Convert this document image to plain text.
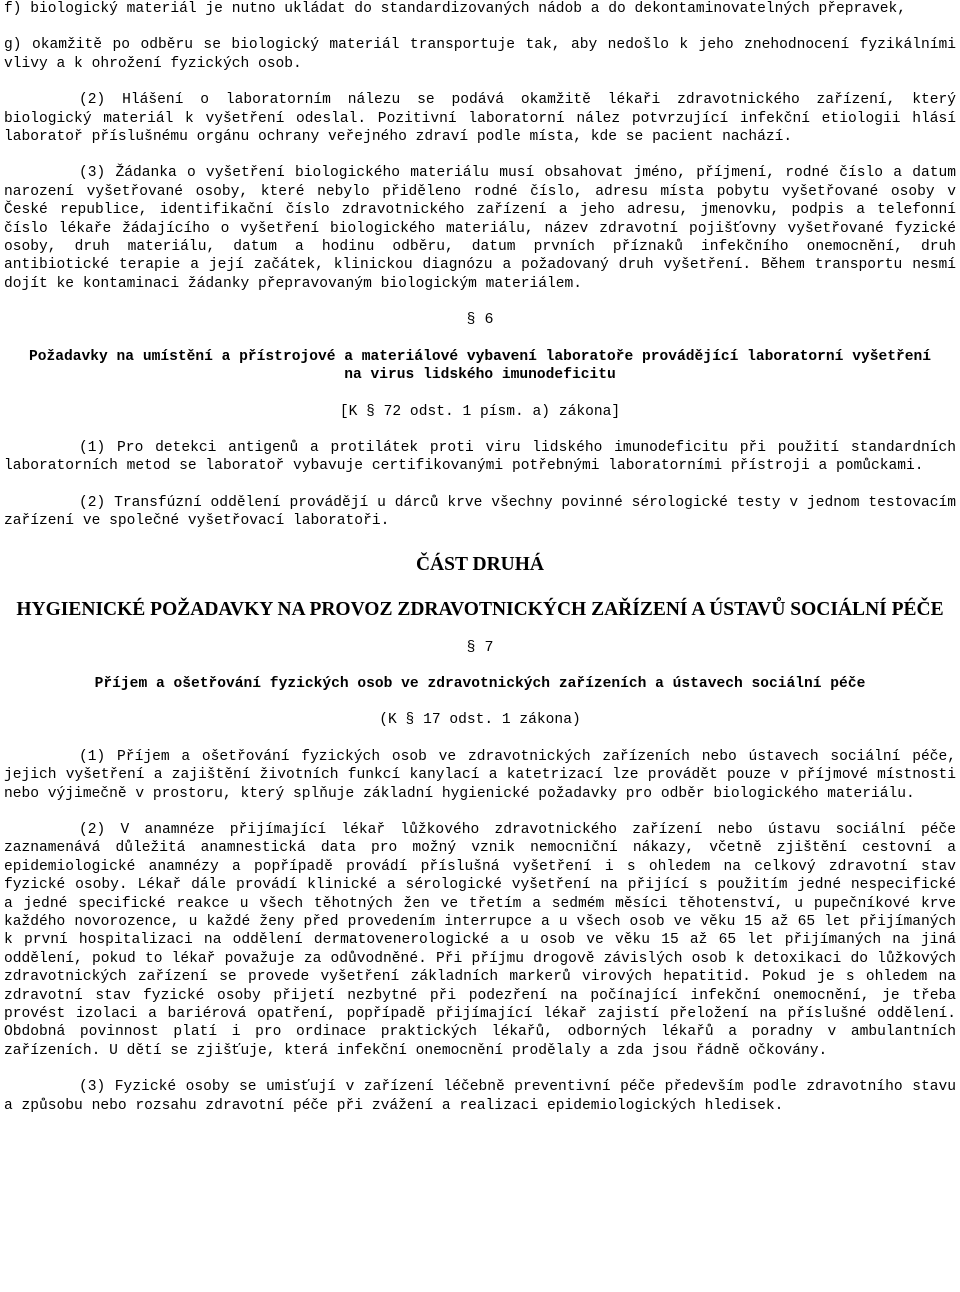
f) biologický materiál je nutno ukládat do standardizovaných nádob a do dekontaminovatelných přepravek,

g) okamžitě po odběru se biologický materiál transportuje tak, aby nedošlo k jeho znehodnocení fyzikálními vlivy a k ohrožení fyzických osob.

(2) Hlášení o laboratorním nálezu se podává okamžitě lékaři zdravotnického zařízení, který biologický materiál k vyšetření odeslal. Pozitivní laboratorní nález potvrzující infekční etiologii hlásí laboratoř příslušnému orgánu ochrany veřejného zdraví podle místa, kde se pacient nachází.

(3) Žádanka o vyšetření biologického materiálu musí obsahovat jméno, příjmení, rodné číslo a datum narození vyšetřované osoby, které nebylo přiděleno rodné číslo, adresu místa pobytu vyšetřované osoby v České republice, identifikační číslo zdravotnického zařízení a jeho adresu, jmenovku, podpis a telefonní číslo lékaře žádajícího o vyšetření biologického materiálu, název zdravotní pojišťovny vyšetřované fyzické osoby, druh materiálu, datum a hodinu odběru, datum prvních příznaků infekčního onemocnění, druh antibiotické terapie a její začátek, klinickou diagnózu a požadovaný druh vyšetření. Během transportu nesmí dojít ke kontaminaci žádanky přepravovaným biologickým materiálem.

§ 6

Požadavky na umístění a přístrojové a materiálové vybavení laboratoře provádějící laboratorní vyšetření na virus lidského imunodeficitu

[K § 72 odst. 1 písm. a) zákona]

(1) Pro detekci antigenů a protilátek proti viru lidského imunodeficitu při použití standardních laboratorních metod se laboratoř vybavuje certifikovanými potřebnými laboratorními přístroji a pomůckami.

(2) Transfúzní oddělení provádějí u dárců krve všechny povinné sérologické testy v jednom testovacím zařízení ve společné vyšetřovací laboratoři.

ČÁST DRUHÁ

HYGIENICKÉ POŽADAVKY NA PROVOZ ZDRAVOTNICKÝCH ZAŘÍZENÍ A ÚSTAVŮ SOCIÁLNÍ PÉČE

§ 7

Příjem a ošetřování fyzických osob ve zdravotnických zařízeních a ústavech sociální péče

(K § 17 odst. 1 zákona)

(1) Příjem a ošetřování fyzických osob ve zdravotnických zařízeních nebo ústavech sociální péče, jejich vyšetření a zajištění životních funkcí kanylací a katetrizací lze provádět pouze v příjmové místnosti nebo výjimečně v prostoru, který splňuje základní hygienické požadavky pro odběr biologického materiálu.

(2) V anamnéze přijímající lékař lůžkového zdravotnického zařízení nebo ústavu sociální péče zaznamenává důležitá anamnestická data pro možný vznik nemocniční nákazy, včetně zjištění cestovní a epidemiologické anamnézy a popřípadě provádí příslušná vyšetření i s ohledem na celkový zdravotní stav fyzické osoby. Lékař dále provádí klinické a sérologické vyšetření na přijící s použitím jedné nespecifické a jedné specifické reakce u všech těhotných žen ve třetím a sedmém měsíci těhotenství, u pupečníkové krve každého novorozence, u každé ženy před provedením interrupce a u všech osob ve věku 15 až 65 let přijímaných k první hospitalizaci na oddělení dermatovenerologické a u osob ve věku 15 až 65 let přijímaných na jiná oddělení, pokud to lékař považuje za odůvodněné. Při příjmu drogově závislých osob k detoxikaci do lůžkových zdravotnických zařízení se provede vyšetření základních markerů virových hepatitid. Pokud je s ohledem na zdravotní stav fyzické osoby přijetí nezbytné při podezření na počínající infekční onemocnění, je třeba provést izolaci a bariérová opatření, popřípadě přijímající lékař zajistí přeložení na příslušné oddělení. Obdobná povinnost platí i pro ordinace praktických lékařů, odborných lékařů a poradny v ambulantních zařízeních. U dětí se zjišťuje, která infekční onemocnění prodělaly a zda jsou řádně očkovány.

(3) Fyzické osoby se umisťují v zařízení léčebně preventivní péče především podle zdravotního stavu a způsobu nebo rozsahu zdravotní péče při zvážení a realizaci epidemiologických hledisek.
